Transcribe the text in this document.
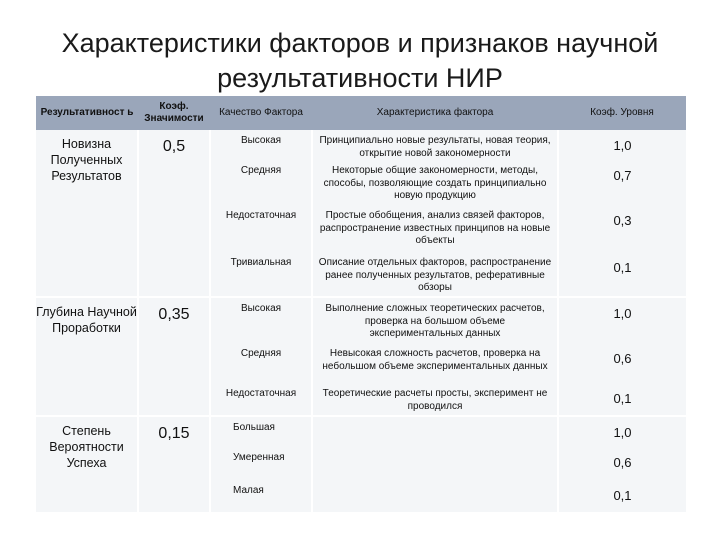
Характеристики факторов и признаков научной
результативности НИР
Результативност ь	Коэф. Значимости	Качество Фактора	Характеристика фактора	Коэф. Уровня
Новизна Полученных Результатов	0,5	Высокая	Принципиально новые результаты, новая теория, открытие новой закономерности	1,0
		Средняя	Некоторые общие закономерности, методы, способы, позволяющие создать принципиально новую продукцию	0,7
		Недостаточная	Простые обобщения, анализ связей факторов, распространение известных принципов на новые объекты	0,3
		Тривиальная	Описание отдельных факторов, распространение ранее полученных результатов, реферативные обзоры	0,1
Глубина Научной Проработки	0,35	Высокая	Выполнение сложных теоретических расчетов, проверка на большом объеме экспериментальных данных	1,0
		Средняя	Невысокая сложность расчетов, проверка на небольшом объеме экспериментальных данных	0,6
		Недостаточная	Теоретические расчеты просты, эксперимент не проводился	0,1
Степень Вероятности Успеха	0,15	Большая		1,0
		Умеренная		0,6
		Малая		0,1
